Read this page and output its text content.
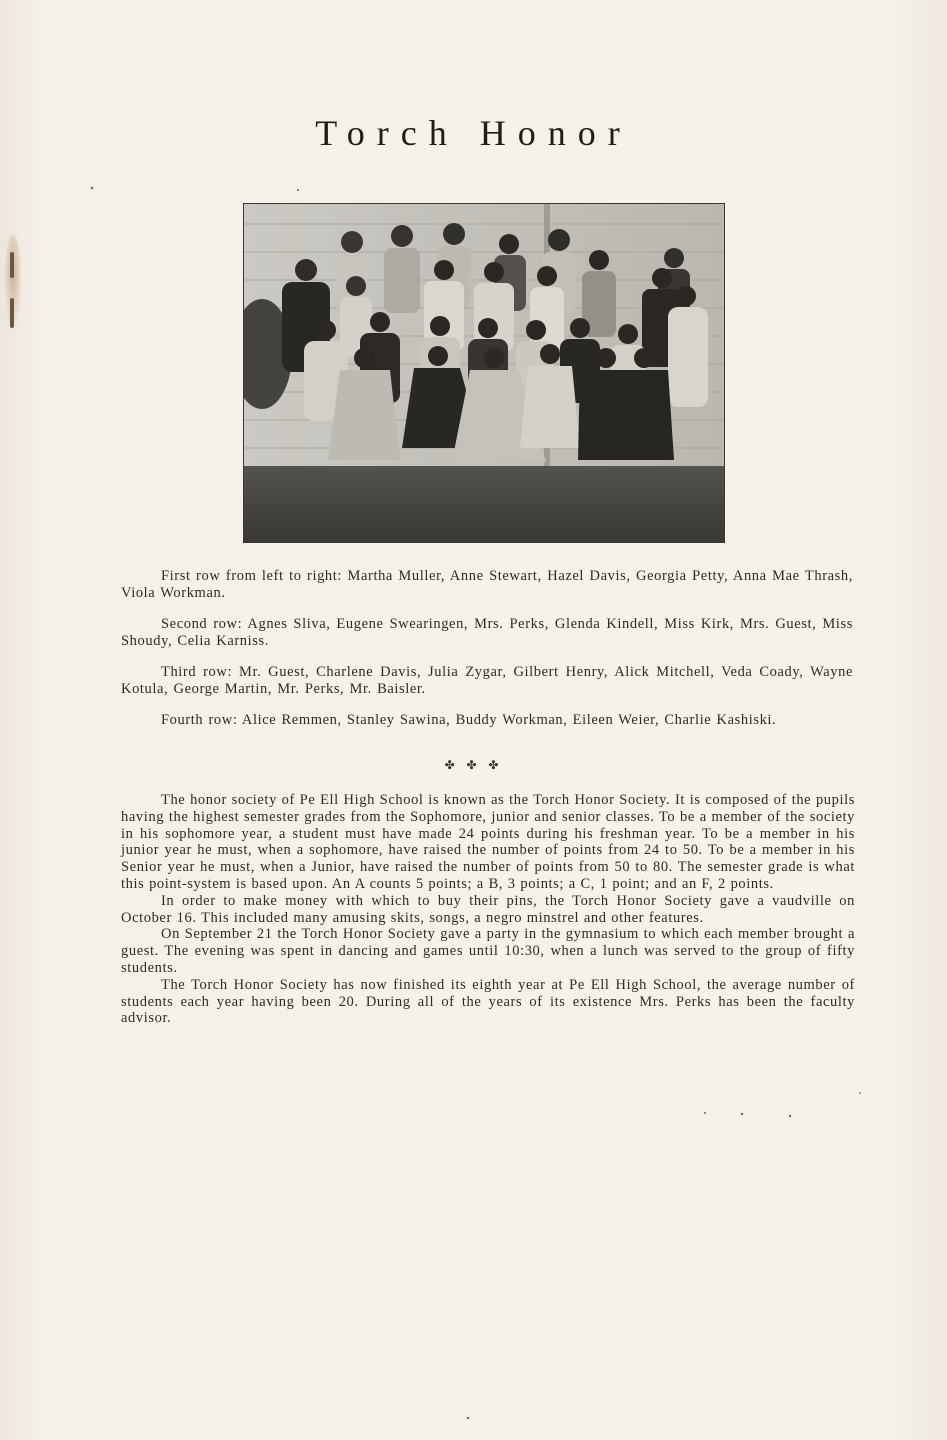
Torch Honor

First row from left to right: Martha Muller, Anne Stewart, Hazel Davis, Georgia Petty, Anna Mae Thrash, Viola Workman.

Second row: Agnes Sliva, Eugene Swearingen, Mrs. Perks, Glenda Kindell, Miss Kirk, Mrs. Guest, Miss Shoudy, Celia Karniss.

Third row: Mr. Guest, Charlene Davis, Julia Zygar, Gilbert Henry, Alick Mitchell, Veda Coady, Wayne Kotula, George Martin, Mr. Perks, Mr. Baisler.

Fourth row: Alice Remmen, Stanley Sawina, Buddy Workman, Eileen Weier, Charlie Kashiski.

✤ ✤ ✤

The honor society of Pe Ell High School is known as the Torch Honor Society. It is composed of the pupils having the highest semester grades from the Sophomore, junior and senior classes. To be a member of the society in his sophomore year, a student must have made 24 points during his freshman year. To be a member in his junior year he must, when a sophomore, have raised the number of points from 24 to 50. To be a member in his Senior year he must, when a Junior, have raised the number of points from 50 to 80. The semester grade is what this point-system is based upon. An A counts 5 points; a B, 3 points; a C, 1 point; and an F, 2 points.

In order to make money with which to buy their pins, the Torch Honor Society gave a vaudville on October 16. This included many amusing skits, songs, a negro minstrel and other features.

On September 21 the Torch Honor Society gave a party in the gymnasium to which each member brought a guest. The evening was spent in dancing and games until 10:30, when a lunch was served to the group of fifty students.

The Torch Honor Society has now finished its eighth year at Pe Ell High School, the average number of students each year having been 20. During all of the years of its existence Mrs. Perks has been the faculty advisor.
